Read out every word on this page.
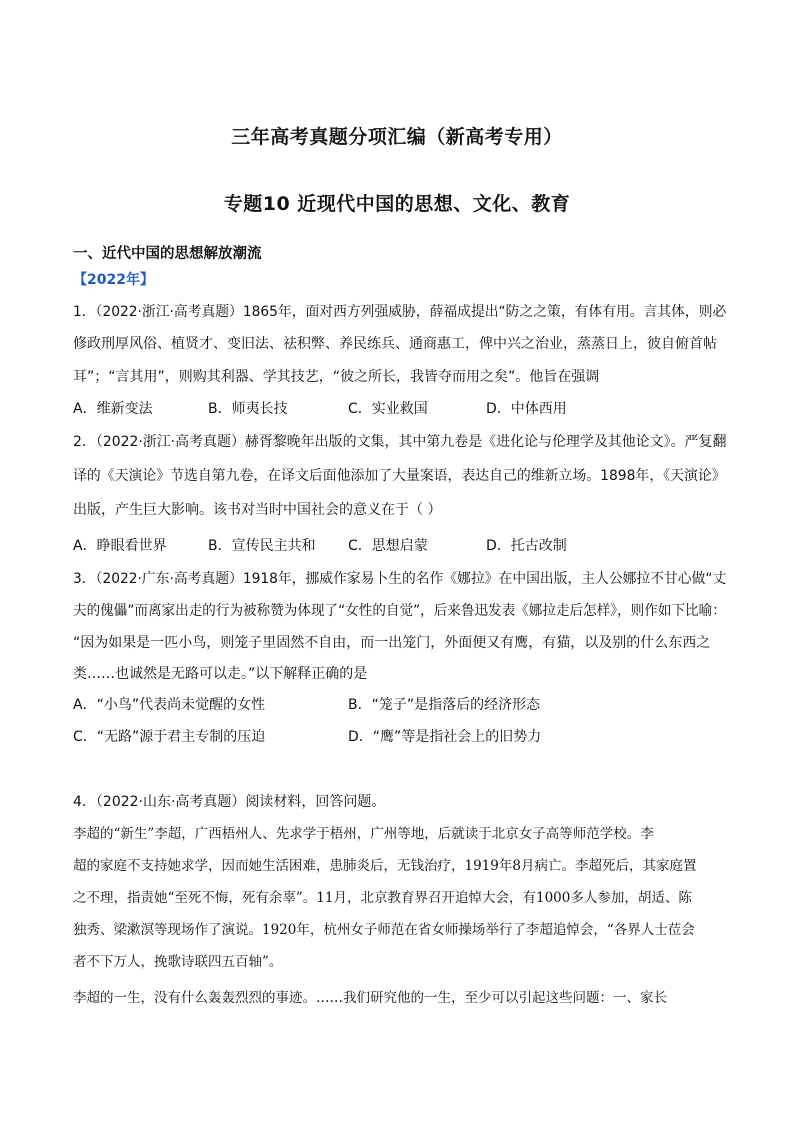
三年高考真题分项汇编（新高考专用）
专题10 近现代中国的思想、文化、教育
一、近代中国的思想解放潮流
【2022年】
1．（2022·浙江·高考真题）1865年，面对西方列强威胁，薛福成提出“防之之策，有体有用。言其体，则必
修政刑厚风俗、植贤才、变旧法、祛积弊、养民练兵、通商惠工，俾中兴之治业，蒸蒸日上，彼自俯首帖
耳”；“言其用”，则购其利器、学其技艺，“彼之所长，我皆夺而用之矣”。他旨在强调
A．维新变法	B．师夷长技	C．实业救国	D．中体西用
2．（2022·浙江·高考真题）赫胥黎晚年出版的文集，其中第九卷是《进化论与伦理学及其他论文》。严复翻
译的《天演论》节选自第九卷，在译文后面他添加了大量案语，表达自己的维新立场。1898年，《天演论》
出版，产生巨大影响。该书对当时中国社会的意义在于（ ）
A．睁眼看世界	B．宣传民主共和 C．思想启蒙	D．托古改制
3．（2022·广东·高考真题）1918年，挪威作家易卜生的名作《娜拉》在中国出版，主人公娜拉不甘心做“丈
夫的傀儡”而离家出走的行为被称赞为体现了“女性的自觉”，后来鲁迅发表《娜拉走后怎样》，则作如下比喻：
“因为如果是一匹小鸟，则笼子里固然不自由，而一出笼门，外面便又有鹰，有猫，以及别的什么东西之
类……也诚然是无路可以走。”以下解释正确的是
A．“小鸟”代表尚未觉醒的女性	B．“笼子”是指落后的经济形态
C．“无路”源于君主专制的压迫	D．“鹰”等是指社会上的旧势力
4．（2022·山东·高考真题）阅读材料，回答问题。
李超的“新生”李超，广西梧州人、先求学于梧州，广州等地，后就读于北京女子高等师范学校。李
超的家庭不支持她求学，因而她生活困难，患肺炎后，无钱治疗，1919年8月病亡。李超死后，其家庭置
之不理，指责她“至死不悔，死有余辜”。11月，北京教育界召开追悼大会，有1000多人参加，胡适、陈
独秀、梁漱溟等现场作了演说。1920年，杭州女子师范在省女师操场举行了李超追悼会，“各界人士莅会
者不下万人，挽歌诗联四五百轴”。
李超的一生，没有什么轰轰烈烈的事迹。……我们研究他的一生，至少可以引起这些问题：一、家长
